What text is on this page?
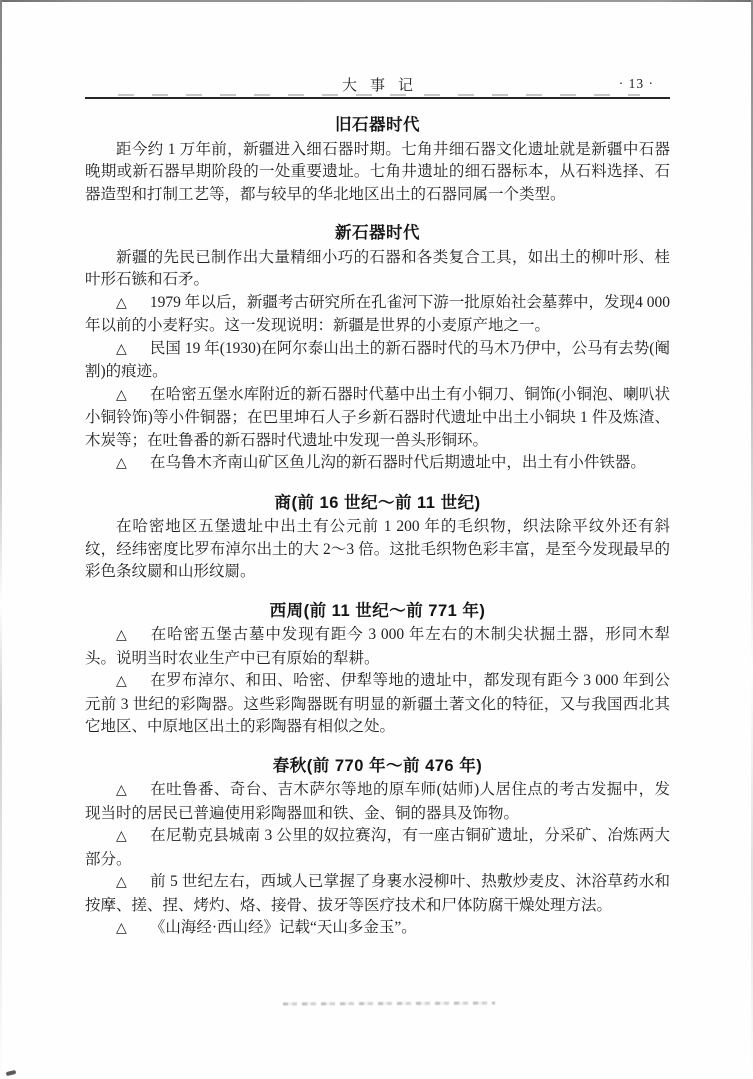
大 事 记	· 13 ·
旧石器时代

距今约 1 万年前，新疆进入细石器时期。七角井细石器文化遗址就是新疆中石器晚期或新石器早期阶段的一处重要遗址。七角井遗址的细石器标本，从石料选择、石器造型和打制工艺等，都与较早的华北地区出土的石器同属一个类型。

新石器时代

新疆的先民已制作出大量精细小巧的石器和各类复合工具，如出土的柳叶形、桂叶形石镞和石矛。

△ 1979 年以后，新疆考古研究所在孔雀河下游一批原始社会墓葬中，发现4 000年以前的小麦籽实。这一发现说明：新疆是世界的小麦原产地之一。

△ 民国 19 年(1930)在阿尔泰山出土的新石器时代的马木乃伊中，公马有去势(阉割)的痕迹。

△ 在哈密五堡水库附近的新石器时代墓中出土有小铜刀、铜饰(小铜泡、喇叭状小铜铃饰)等小件铜器；在巴里坤石人子乡新石器时代遗址中出土小铜块 1 件及炼渣、木炭等；在吐鲁番的新石器时代遗址中发现一兽头形铜环。

△ 在乌鲁木齐南山矿区鱼儿沟的新石器时代后期遗址中，出土有小件铁器。

商(前 16 世纪～前 11 世纪)

在哈密地区五堡遗址中出土有公元前 1 200 年的毛织物，织法除平纹外还有斜纹，经纬密度比罗布淖尔出土的大 2～3 倍。这批毛织物色彩丰富，是至今发现最早的彩色条纹罽和山形纹罽。

西周(前 11 世纪～前 771 年)

△ 在哈密五堡古墓中发现有距今 3 000 年左右的木制尖状掘土器，形同木犁头。说明当时农业生产中已有原始的犁耕。

△ 在罗布淖尔、和田、哈密、伊犁等地的遗址中，都发现有距今 3 000 年到公元前 3 世纪的彩陶器。这些彩陶器既有明显的新疆土著文化的特征，又与我国西北其它地区、中原地区出土的彩陶器有相似之处。

春秋(前 770 年～前 476 年)

△ 在吐鲁番、奇台、吉木萨尔等地的原车师(姑师)人居住点的考古发掘中，发现当时的居民已普遍使用彩陶器皿和铁、金、铜的器具及饰物。

△ 在尼勒克县城南 3 公里的奴拉赛沟，有一座古铜矿遗址，分采矿、冶炼两大部分。

△ 前 5 世纪左右，西域人已掌握了身裹水浸柳叶、热敷炒麦皮、沐浴草药水和按摩、搓、捏、烤灼、烙、接骨、拔牙等医疗技术和尸体防腐干燥处理方法。

△ 《山海经·西山经》记载“天山多金玉”。
